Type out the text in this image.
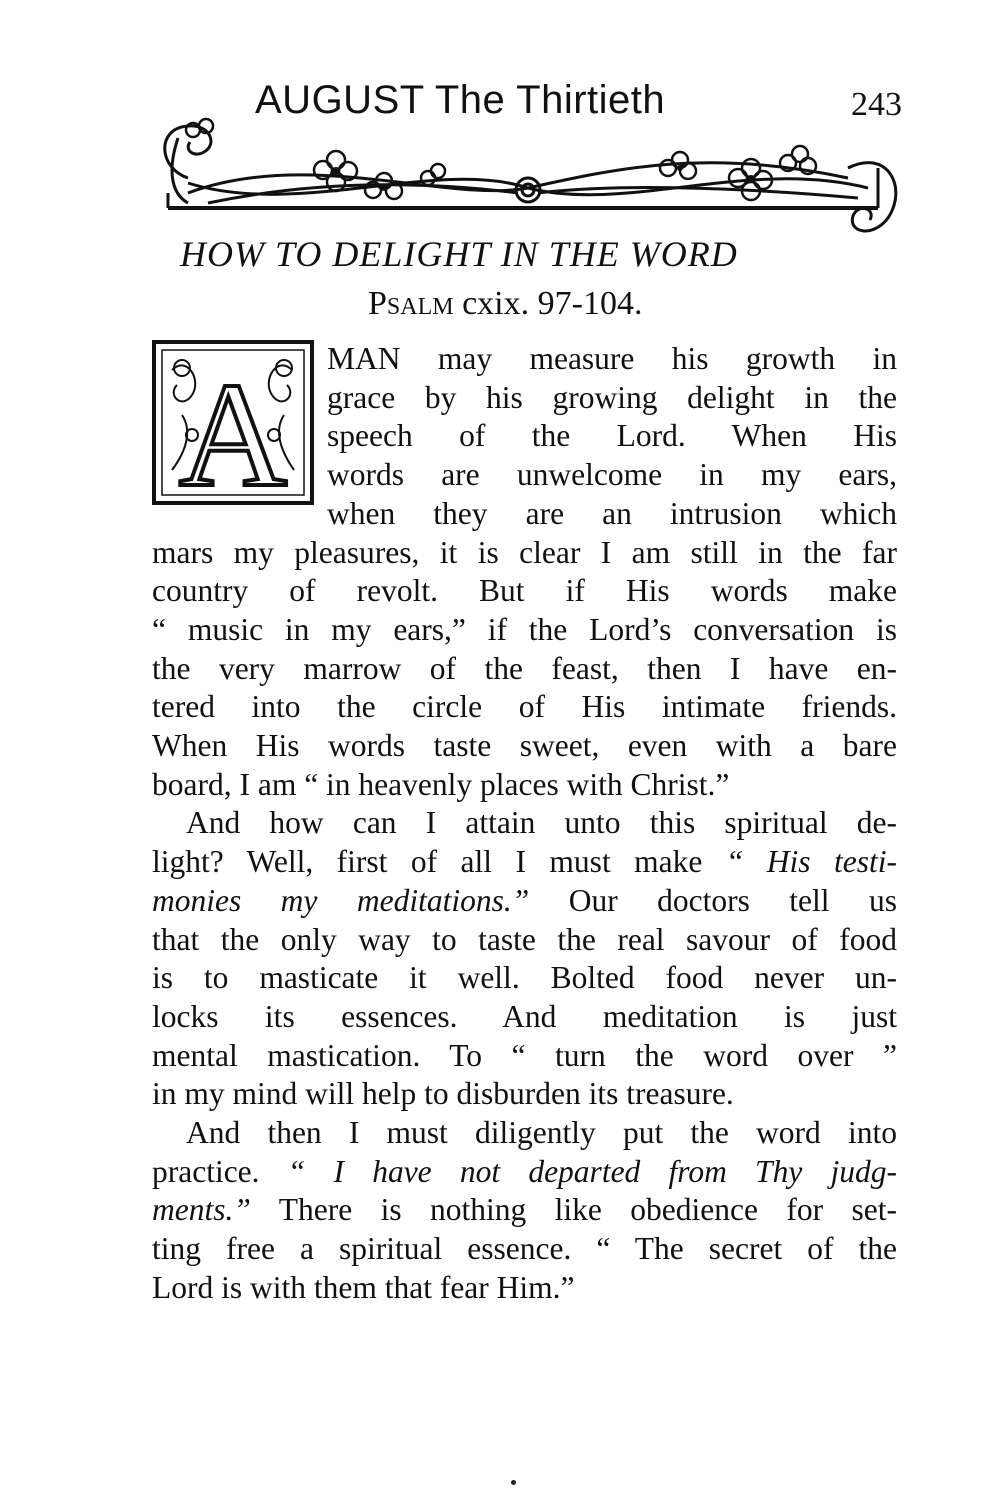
AUGUST The Thirtieth	243
HOW TO DELIGHT IN THE WORD
Psalm cxix. 97-104.
A	MAN may measure his growth in
grace by his growing delight in the
speech of the Lord. When His
words are unwelcome in my ears,
when they are an intrusion which
mars my pleasures, it is clear I am still in the far
country of revolt. But if His words make
“ music in my ears,” if the Lord’s conversation is
the very marrow of the feast, then I have en-
tered into the circle of His intimate friends.
When His words taste sweet, even with a bare
board, I am “ in heavenly places with Christ.”

And how can I attain unto this spiritual de-
light? Well, first of all I must make “ His testi-
monies my meditations.” Our doctors tell us
that the only way to taste the real savour of food
is to masticate it well. Bolted food never un-
locks its essences. And meditation is just
mental mastication. To “ turn the word over ”
in my mind will help to disburden its treasure.

And then I must diligently put the word into
practice. “ I have not departed from Thy judg-
ments.” There is nothing like obedience for set-
ting free a spiritual essence. “ The secret of the
Lord is with them that fear Him.”
